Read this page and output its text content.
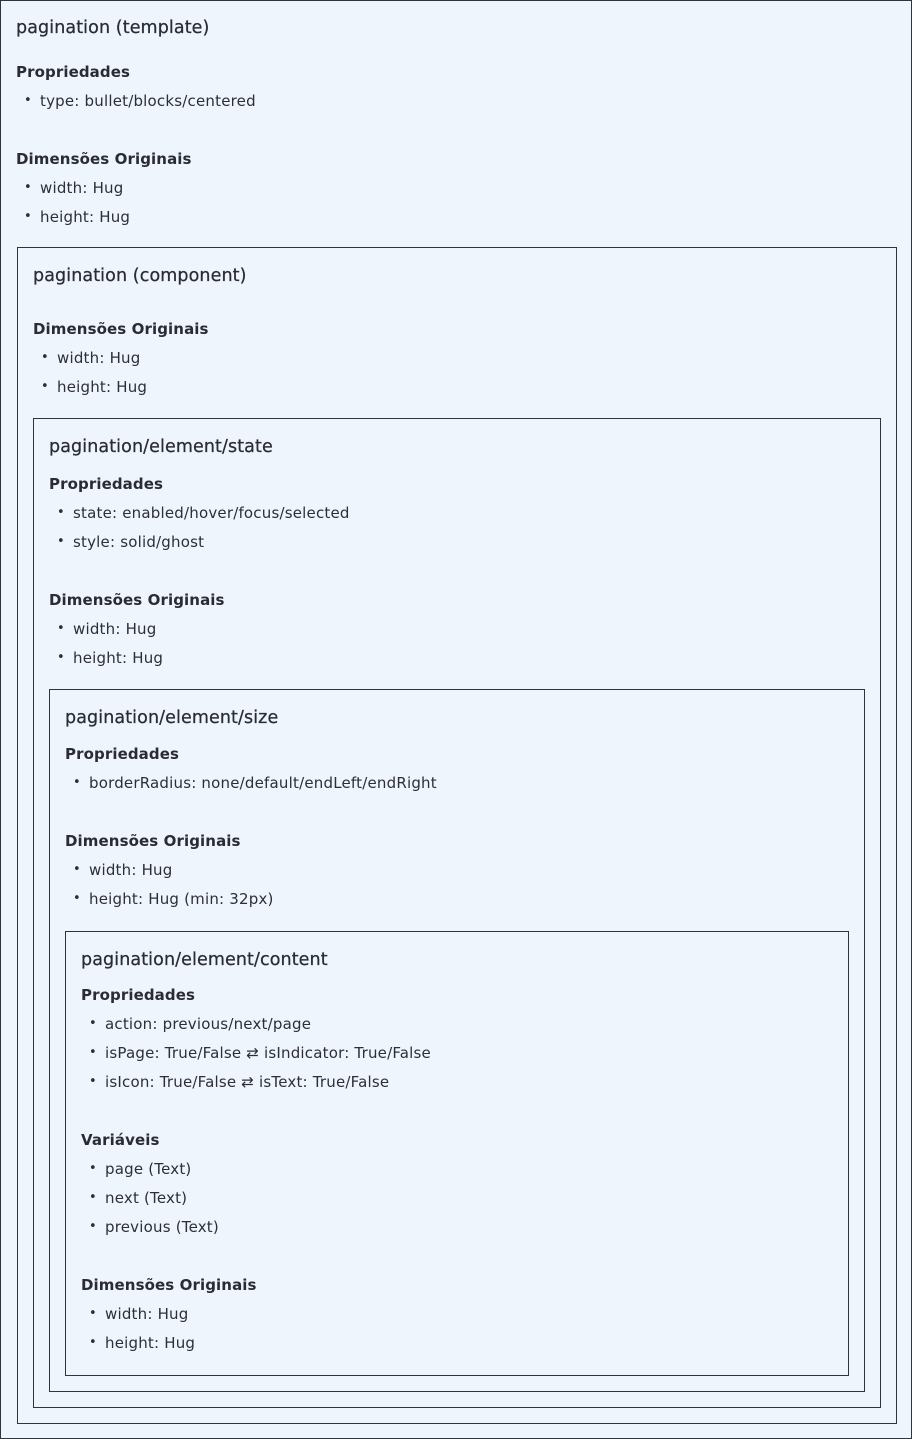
pagination (template)
Propriedades
• type: bullet/blocks/centered
Dimensões Originais
• width: Hug
• height: Hug
pagination (component)
Dimensões Originais
• width: Hug
• height: Hug
pagination/element/state
Propriedades
• state: enabled/hover/focus/selected
• style: solid/ghost
Dimensões Originais
• width: Hug
• height: Hug
pagination/element/size
Propriedades
• borderRadius: none/default/endLeft/endRight
Dimensões Originais
• width: Hug
• height: Hug (min: 32px)
pagination/element/content
Propriedades
• action: previous/next/page
• isPage: True/False ⇄ isIndicator: True/False
• isIcon: True/False ⇄ isText: True/False
Variáveis
• page (Text)
• next (Text)
• previous (Text)
Dimensões Originais
• width: Hug
• height: Hug
